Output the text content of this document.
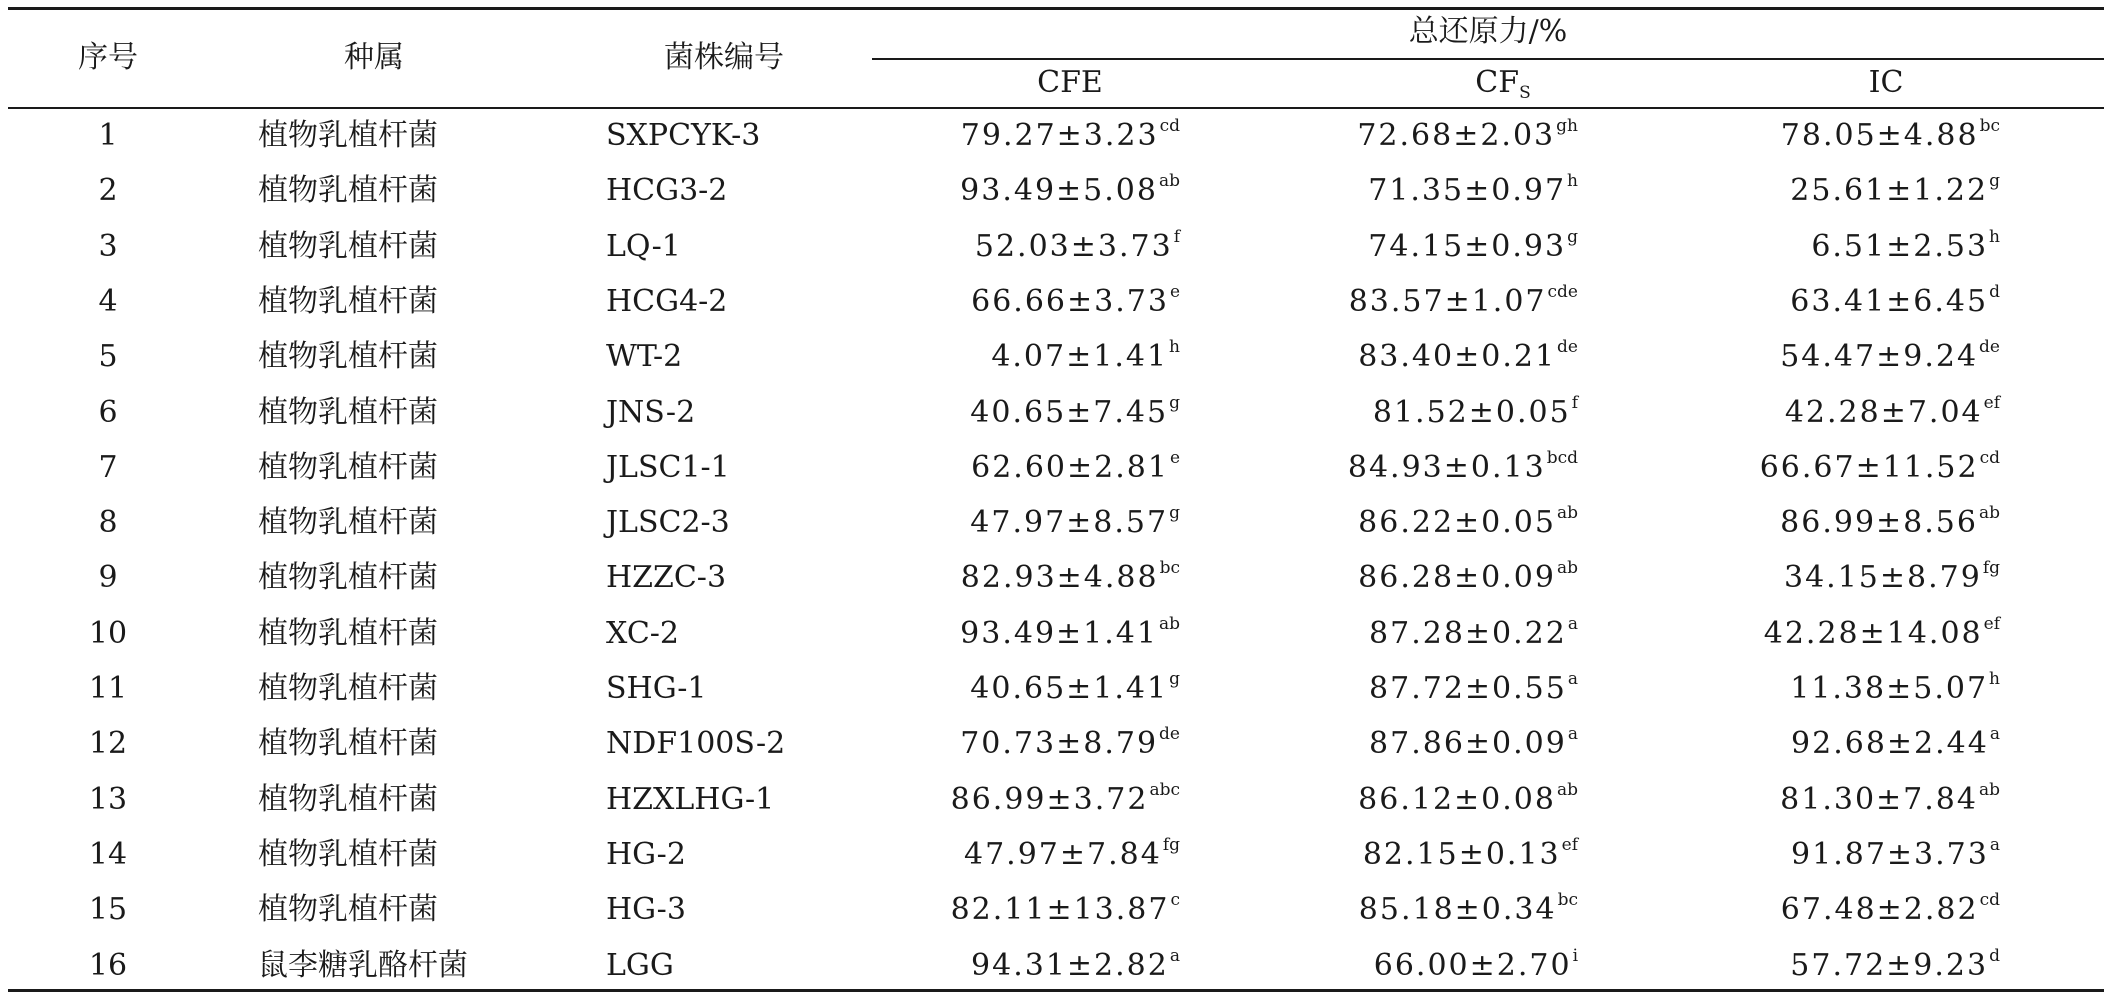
序号	种属	菌株编号
总还原力/%
CFE	$CF_S$	IC
1	植物乳植杆菌	SXPCYK-3	79.27±3.23$^{cd}$	72.68±2.03$^{gh}$	78.05±4.88$^{bc}$
2	植物乳植杆菌	HCG3-2	93.49±5.08$^{ab}$	71.35±0.97$^h$	25.61±1.22$^g$
3	植物乳植杆菌	LQ-1	52.03±3.73$^f$	74.15±0.93$^g$	6.51±2.53$^h$
4	植物乳植杆菌	HCG4-2	66.66±3.73$^e$	83.57±1.07$^{cde}$	63.41±6.45$^d$
5	植物乳植杆菌	WT-2	4.07±1.41$^h$	83.40±0.21de	54.47±9.24de
6	植物乳植杆菌	JNS-2	40.65±7.45$^g$	81.52±0.05$^f$	42.28±7.04$^{ef}$
7	植物乳植杆菌	JLSC1-1	62.60±2.81$^e$	84.93±0.13$^{bcd}$	66.67±11.52$^{cd}$
8	植物乳植杆菌	JLSC2-3	47.97±8.57$^g$	86.22±0.05$^{ab}$	86.99±8.56$^{ab}$
9	植物乳植杆菌	HZZC-3	82.93±4.88$^{bc}$	86.28±0.09$^{ab}$	34.15±8.79$^{fg}$
10	植物乳植杆菌	XC-2	93.49±1.41$^{ab}$	87.28±0.22$^a$	42.28±14.08$^{ef}$
11	植物乳植杆菌	SHG-1	40.65±1.41$^g$	87.72±0.55$^a$	11.38±5.07$^h$
12	植物乳植杆菌	NDF100S-2	70.73±8.79de	87.86±0.09$^a$	92.68±2.44$^a$
13	植物乳植杆菌	HZXLHG-1	86.99±3.72$^{abc}$	86.12±0.08$^{ab}$	81.30±7.84$^{ab}$
14	植物乳植杆菌	HG-2	47.97±7.84$^{fg}$	82.15±0.13$^{ef}$	91.87±3.73$^a$
15	植物乳植杆菌	HG-3	82.11±13.87$^c$	85.18±0.34$^{bc}$	67.48±2.82$^{cd}$
16	鼠李糖乳酪杆菌	LGG	94.31±2.82$^a$	$66.00\pm 2.70^i$	57.72±9.23$^d$
